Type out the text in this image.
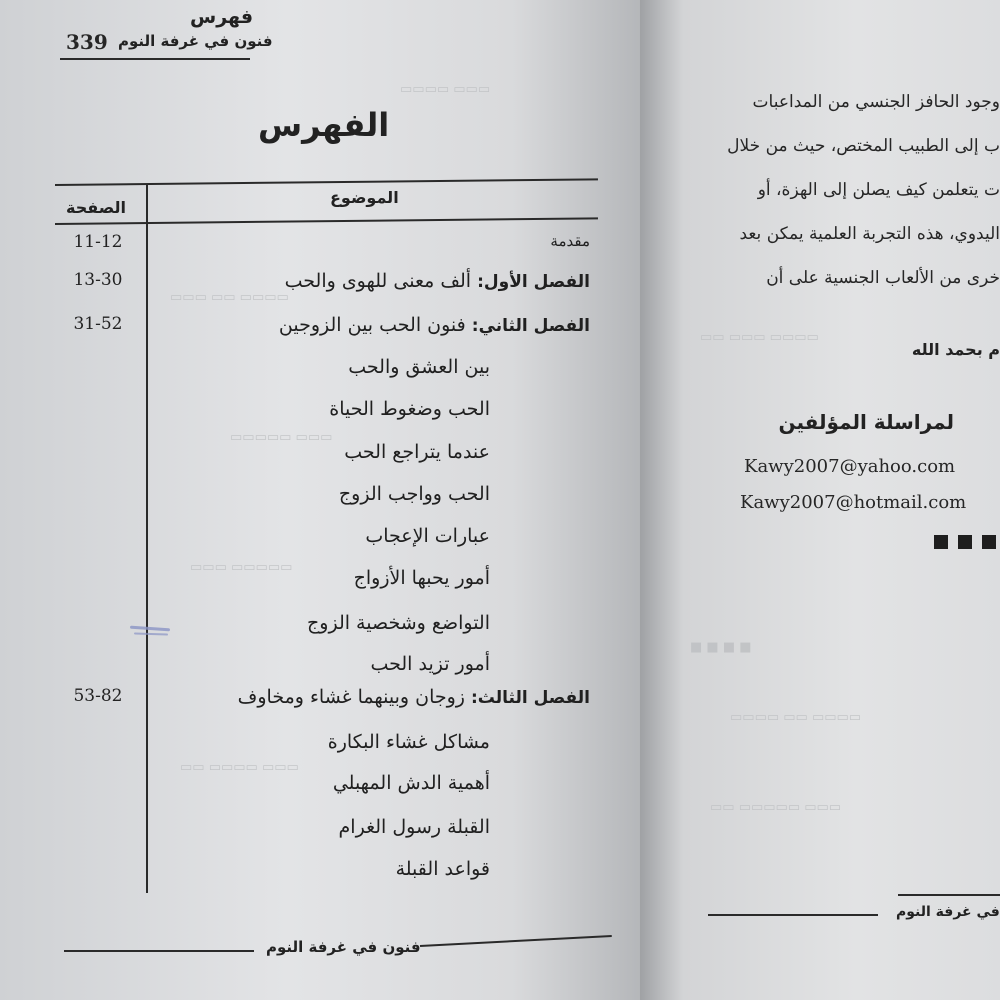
▭▭▭ ▭▭▭▭
▭▭▭▭ ▭▭ ▭▭▭
▭▭▭ ▭▭▭▭▭
▭▭▭▭▭ ▭▭▭
▭▭▭ ▭▭▭▭ ▭▭
فهرس
فنون في غرفة النوم
339
الفهرس
الصفحة
الموضوع
مقدمة
11-12
الفصل الأول: ألف معنى للهوى والحب
13-30
الفصل الثاني: فنون الحب بين الزوجين
31-52
بين العشق والحب
الحب وضغوط الحياة
عندما يتراجع الحب
الحب وواجب الزوج
عبارات الإعجاب
أمور يحبها الأزواج
التواضع وشخصية الزوج
أمور تزيد الحب
الفصل الثالث: زوجان وبينهما غشاء ومخاوف
53-82
مشاكل غشاء البكارة
أهمية الدش المهبلي
القبلة رسول الغرام
قواعد القبلة
فنون في غرفة النوم
▭▭▭▭ ▭▭▭ ▭▭
■ ■ ■ ■
▭▭▭▭ ▭▭ ▭▭▭▭
▭▭▭ ▭▭▭▭▭ ▭▭
وجود الحافز الجنسي من المداعبات
ب إلى الطبيب المختص، حيث من خلال
ت يتعلمن كيف يصلن إلى الهزة، أو
اليدوي، هذه التجربة العلمية يمكن بعد
خرى من الألعاب الجنسية على أن
م بحمد الله
لمراسلة المؤلفين
Kawy2007@yahoo.com
Kawy2007@hotmail.com
في غرفة النوم
